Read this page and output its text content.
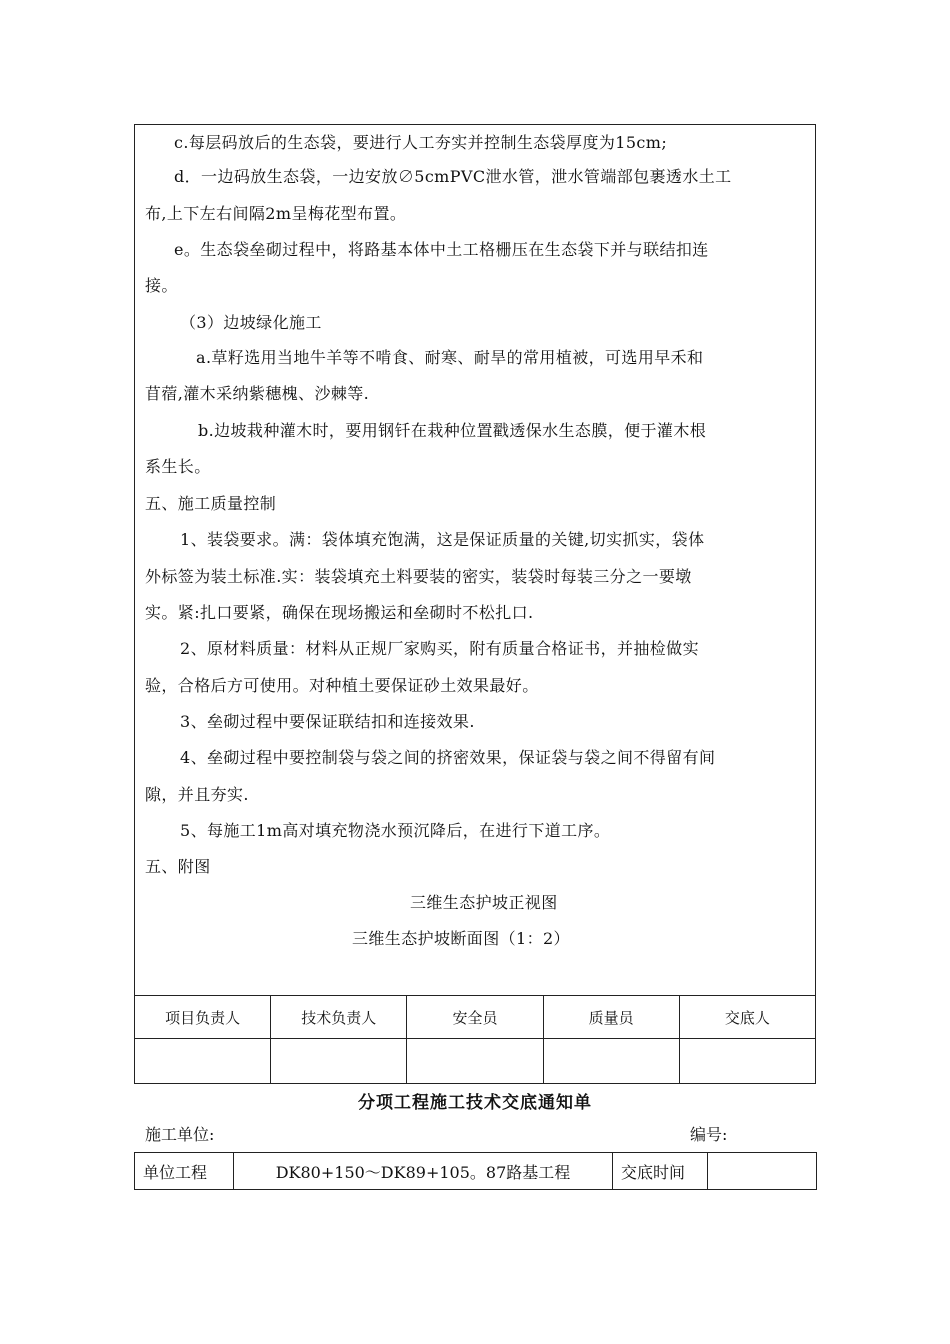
c.每层码放后的生态袋，要进行人工夯实并控制生态袋厚度为15cm;
d．一边码放生态袋，一边安放∅5cmPVC泄水管，泄水管端部包裹透水土工
布,上下左右间隔2m呈梅花型布置。
e。生态袋垒砌过程中，将路基本体中土工格栅压在生态袋下并与联结扣连
接。
（3）边坡绿化施工
a.草籽选用当地牛羊等不啃食、耐寒、耐旱的常用植被，可选用早禾和
苜蓿,灌木采纳紫穗槐、沙棘等.
b.边坡栽种灌木时，要用钢钎在栽种位置戳透保水生态膜，便于灌木根
系生长。
五、施工质量控制
1、装袋要求。满：袋体填充饱满，这是保证质量的关键,切实抓实，袋体
外标签为装土标准.实：装袋填充土料要装的密实，装袋时每装三分之一要墩
实。紧:扎口要紧，确保在现场搬运和垒砌时不松扎口.
2、原材料质量：材料从正规厂家购买，附有质量合格证书，并抽检做实
验，合格后方可使用。对种植土要保证砂土效果最好。
3、垒砌过程中要保证联结扣和连接效果.
4、垒砌过程中要控制袋与袋之间的挤密效果，保证袋与袋之间不得留有间
隙，并且夯实.
5、每施工1m高对填充物浇水预沉降后，在进行下道工序。
五、附图
三维生态护坡正视图
三维生态护坡断面图（1：2）
项目负责人	技术负责人	安全员	质量员	交底人

分项工程施工技术交底通知单
施工单位:	编号:
单位工程	DK80+150～DK89+105。87路基工程	交底时间	
